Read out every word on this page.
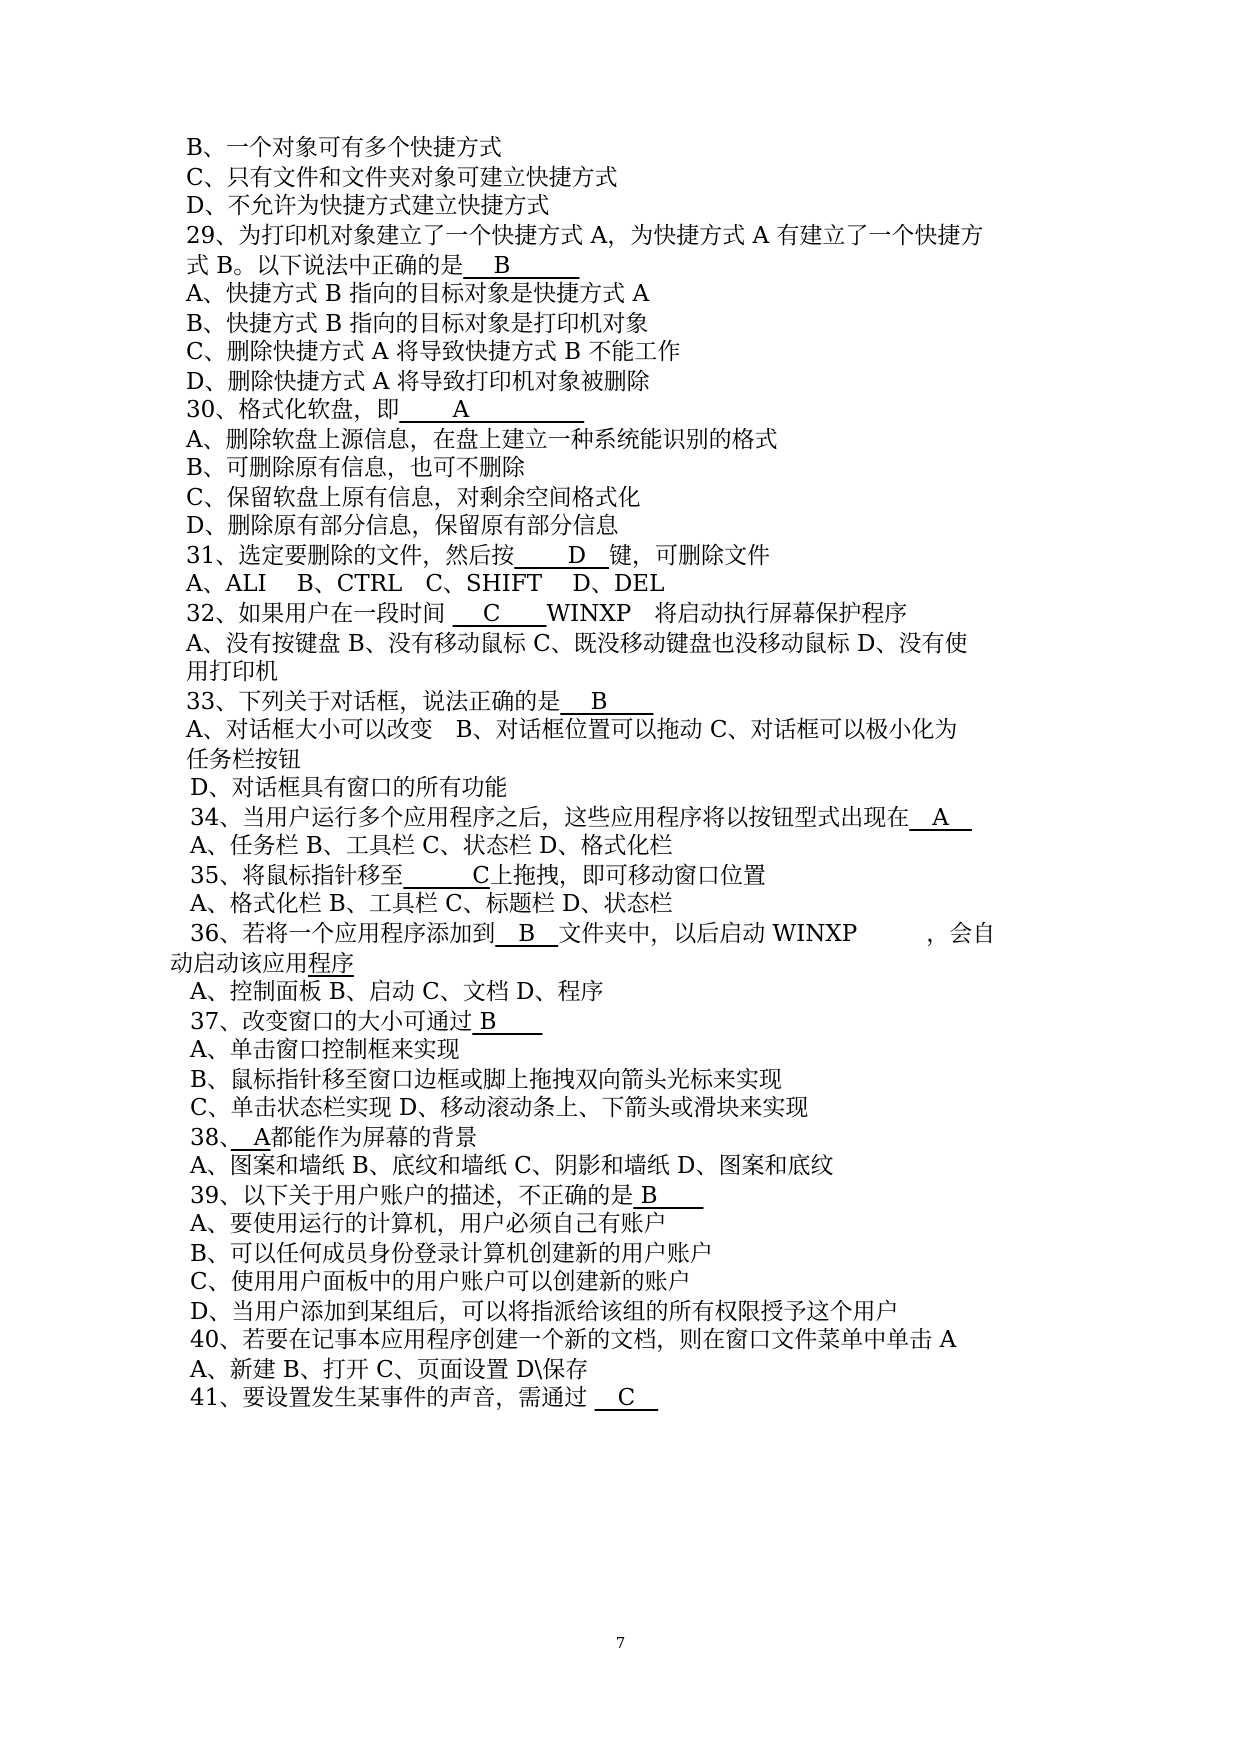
B、一个对象可有多个快捷方式
C、只有文件和文件夹对象可建立快捷方式
D、不允许为快捷方式建立快捷方式
29、为打印机对象建立了一个快捷方式 A，为快捷方式 A 有建立了一个快捷方
式 B。以下说法中正确的是　 B　　　
A、快捷方式 B 指向的目标对象是快捷方式 A
B、快捷方式 B 指向的目标对象是打印机对象
C、删除快捷方式 A 将导致快捷方式 B 不能工作
D、删除快捷方式 A 将导致打印机对象被删除
30、格式化软盘，即　　 A　　　　　
A、删除软盘上源信息，在盘上建立一种系统能识别的格式
B、可删除原有信息，也可不删除
C、保留软盘上原有信息，对剩余空间格式化
D、删除原有部分信息，保留原有部分信息
31、选定要删除的文件，然后按　　 D　键，可删除文件
A、ALI　 B、CTRL　C、SHIFT　 D、DEL
32、如果用户在一段时间 　 C　　WINXP　将启动执行屏幕保护程序
A、没有按键盘 B、没有移动鼠标 C、既没移动键盘也没移动鼠标 D、没有使
用打印机
33、下列关于对话框，说法正确的是　 B　　
A、对话框大小可以改变　B、对话框位置可以拖动 C、对话框可以极小化为
任务栏按钮
D、对话框具有窗口的所有功能
34、当用户运行多个应用程序之后，这些应用程序将以按钮型式出现在　A　
A、任务栏 B、工具栏 C、状态栏 D、格式化栏
35、将鼠标指针移至　　　C上拖拽，即可移动窗口位置
A、格式化栏 B、工具栏 C、标题栏 D、状态栏
36、若将一个应用程序添加到　B　文件夹中，以后启动 WINXP　　　，会自
动启动该应用程序
A、控制面板 B、启动 C、文档 D、程序
37、改变窗口的大小可通过 B　　
A、单击窗口控制框来实现
B、鼠标指针移至窗口边框或脚上拖拽双向箭头光标来实现
C、单击状态栏实现 D、移动滚动条上、下箭头或滑块来实现
38、　A都能作为屏幕的背景
A、图案和墙纸 B、底纹和墙纸 C、阴影和墙纸 D、图案和底纹
39、以下关于用户账户的描述，不正确的是 B　　
A、要使用运行的计算机，用户必须自己有账户
B、可以任何成员身份登录计算机创建新的用户账户
C、使用用户面板中的用户账户可以创建新的账户
D、当用户添加到某组后，可以将指派给该组的所有权限授予这个用户
40、若要在记事本应用程序创建一个新的文档，则在窗口文件菜单中单击 A
A、新建 B、打开 C、页面设置 D\保存
41、要设置发生某事件的声音，需通过 　C　
7
